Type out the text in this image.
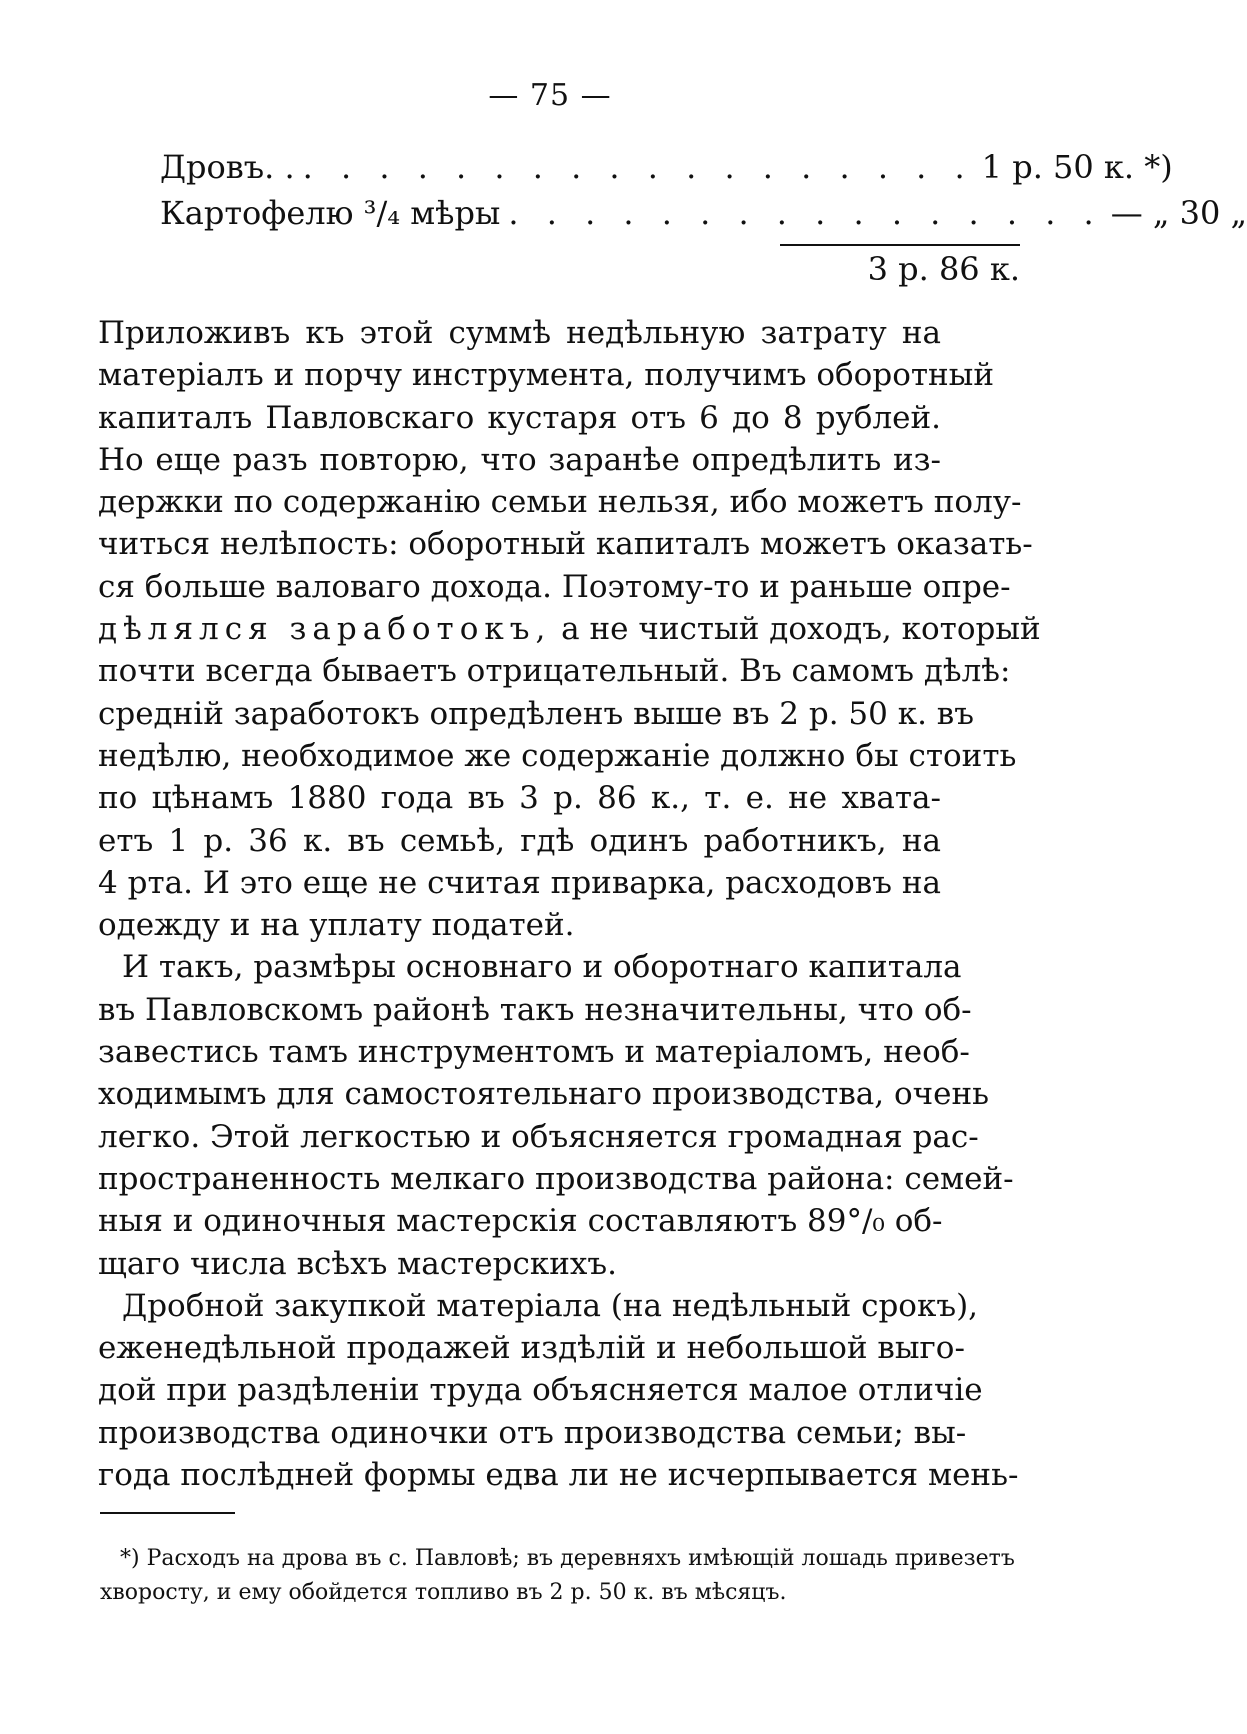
— 75 —
Дровъ. . . . . . . . . . . . . . . . . . . . 1 р. 50 к. *)
Картофелю ³/₄ мѣры . . . . . . . . . . . . . . . . — „ 30 „
3 р. 86 к.
Приложивъ къ этой суммѣ недѣльную затрату на
матеріалъ и порчу инструмента, получимъ оборотный
капиталъ Павловскаго кустаря отъ 6 до 8 рублей.
Но еще разъ повторю, что заранѣе опредѣлить из-
держки по содержанію семьи нельзя, ибо можетъ полу-
читься нелѣпость: оборотный капиталъ можетъ оказать-
ся больше валоваго дохода. Поэтому-то и раньше опре-
дѣлялся заработокъ, а не чистый доходъ, который
почти всегда бываетъ отрицательный. Въ самомъ дѣлѣ:
средній заработокъ опредѣленъ выше въ 2 р. 50 к. въ
недѣлю, необходимое же содержаніе должно бы стоить
по цѣнамъ 1880 года въ 3 р. 86 к., т. е. не хвата-
етъ 1 р. 36 к. въ семьѣ, гдѣ одинъ работникъ, на
4 рта. И это еще не считая приварка, расходовъ на
одежду и на уплату податей.
И такъ, размѣры основнаго и оборотнаго капитала
въ Павловскомъ районѣ такъ незначительны, что об-
завестись тамъ инструментомъ и матеріаломъ, необ-
ходимымъ для самостоятельнаго производства, очень
легко. Этой легкостью и объясняется громадная рас-
пространенность мелкаго производства района: семей-
ныя и одиночныя мастерскія составляютъ 89°/₀ об-
щаго числа всѣхъ мастерскихъ.
Дробной закупкой матеріала (на недѣльный срокъ),
еженедѣльной продажей издѣлій и небольшой выго-
дой при раздѣленіи труда объясняется малое отличіе
производства одиночки отъ производства семьи; вы-
года послѣдней формы едва ли не исчерпывается мень-
*) Расходъ на дрова въ с. Павловѣ; въ деревняхъ имѣющій лошадь привезетъ
хворосту, и ему обойдется топливо въ 2 р. 50 к. въ мѣсяцъ.
